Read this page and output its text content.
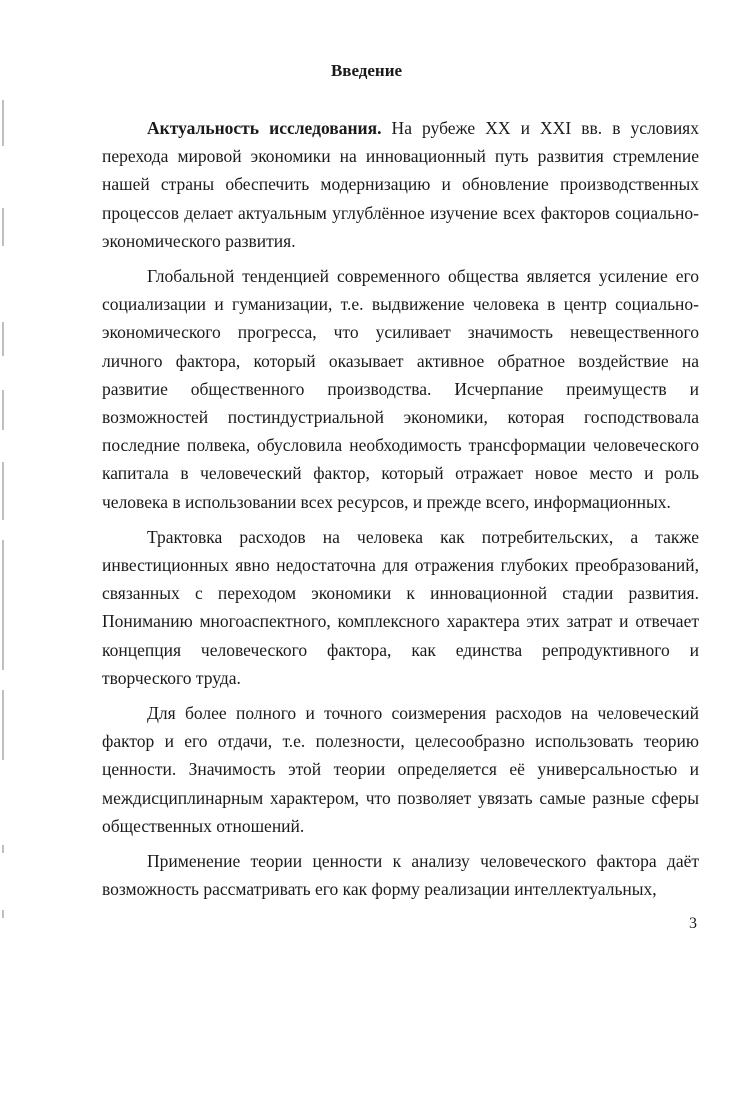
Введение

Актуальность исследования. На рубеже XX и XXI вв. в условиях перехода мировой экономики на инновационный путь развития стремление нашей страны обеспечить модернизацию и обновление производственных процессов делает актуальным углублённое изучение всех факторов социально-экономического развития.

Глобальной тенденцией современного общества является усиление его социализации и гуманизации, т.е. выдвижение человека в центр социально-экономического прогресса, что усиливает значимость невещественного личного фактора, который оказывает активное обратное воздействие на развитие общественного производства. Исчерпание преимуществ и возможностей постиндустриальной экономики, которая господствовала последние полвека, обусловила необходимость трансформации человеческого капитала в человеческий фактор, который отражает новое место и роль человека в использовании всех ресурсов, и прежде всего, информационных.

Трактовка расходов на человека как потребительских, а также инвестиционных явно недостаточна для отражения глубоких преобразований, связанных с переходом экономики к инновационной стадии развития. Пониманию многоаспектного, комплексного характера этих затрат и отвечает концепция человеческого фактора, как единства репродуктивного и творческого труда.

Для более полного и точного соизмерения расходов на человеческий фактор и его отдачи, т.е. полезности, целесообразно использовать теорию ценности. Значимость этой теории определяется её универсальностью и междисциплинарным характером, что позволяет увязать самые разные сферы общественных отношений.

Применение теории ценности к анализу человеческого фактора даёт возможность рассматривать его как форму реализации интеллектуальных,

3
